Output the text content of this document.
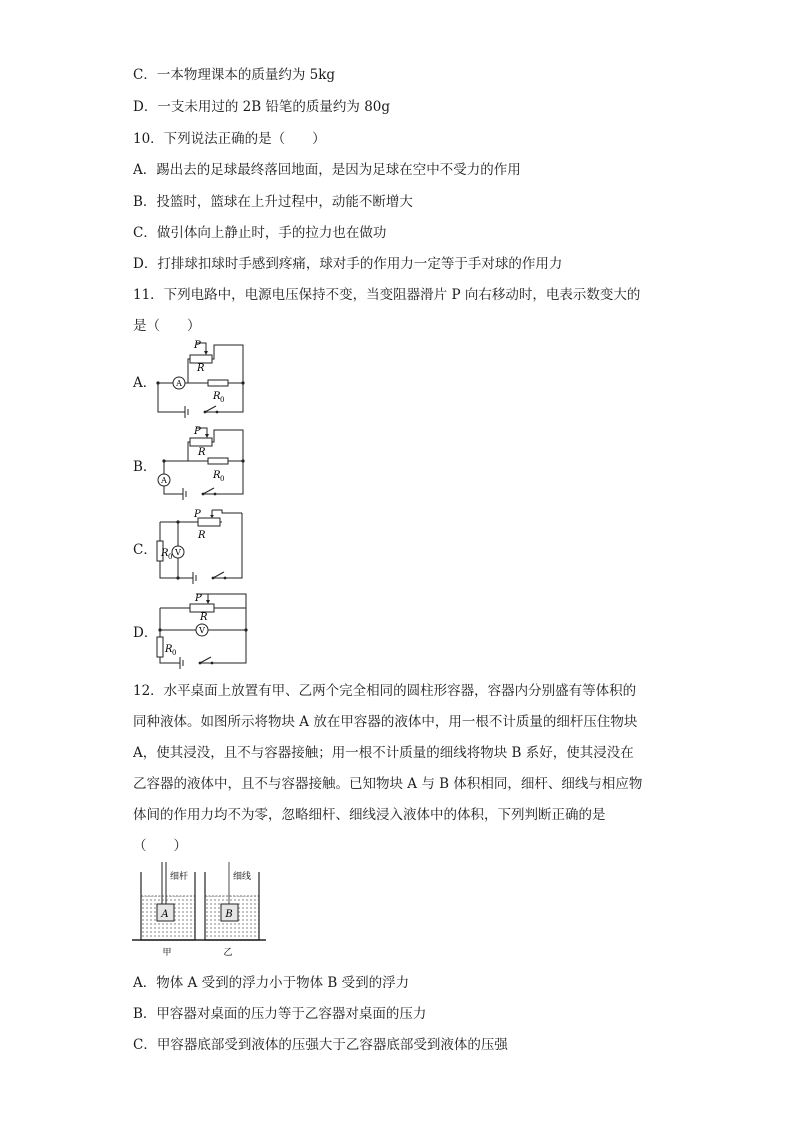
C．一本物理课本的质量约为 5kg
D．一支未用过的 2B 铅笔的质量约为 80g
10．下列说法正确的是（　　）
A．踢出去的足球最终落回地面，是因为足球在空中不受力的作用
B．投篮时，篮球在上升过程中，动能不断增大
C．做引体向上静止时，手的拉力也在做功
D．打排球扣球时手感到疼痛，球对手的作用力一定等于手对球的作用力
11．下列电路中，电源电压保持不变，当变阻器滑片 P 向右移动时，电表示数变大的
是（　　）
A．
P
R
A
R 0
B．
P
R
A	R 0
C．
P
R
V
R 0
D．
P
R
V
R 0
12．水平桌面上放置有甲、乙两个完全相同的圆柱形容器，容器内分别盛有等体积的
同种液体。如图所示将物块 A 放在甲容器的液体中，用一根不计质量的细杆压住物块
A，使其浸没，且不与容器接触；用一根不计质量的细线将物块 B 系好，使其浸没在
乙容器的液体中，且不与容器接触。已知物块 A 与 B 体积相同，细杆、细线与相应物
体间的作用力均不为零，忽略细杆、细线浸入液体中的体积，下列判断正确的是
（　　）
A
细杆
甲
B
细线
乙
A．物体 A 受到的浮力小于物体 B 受到的浮力
B．甲容器对桌面的压力等于乙容器对桌面的压力
C．甲容器底部受到液体的压强大于乙容器底部受到液体的压强
